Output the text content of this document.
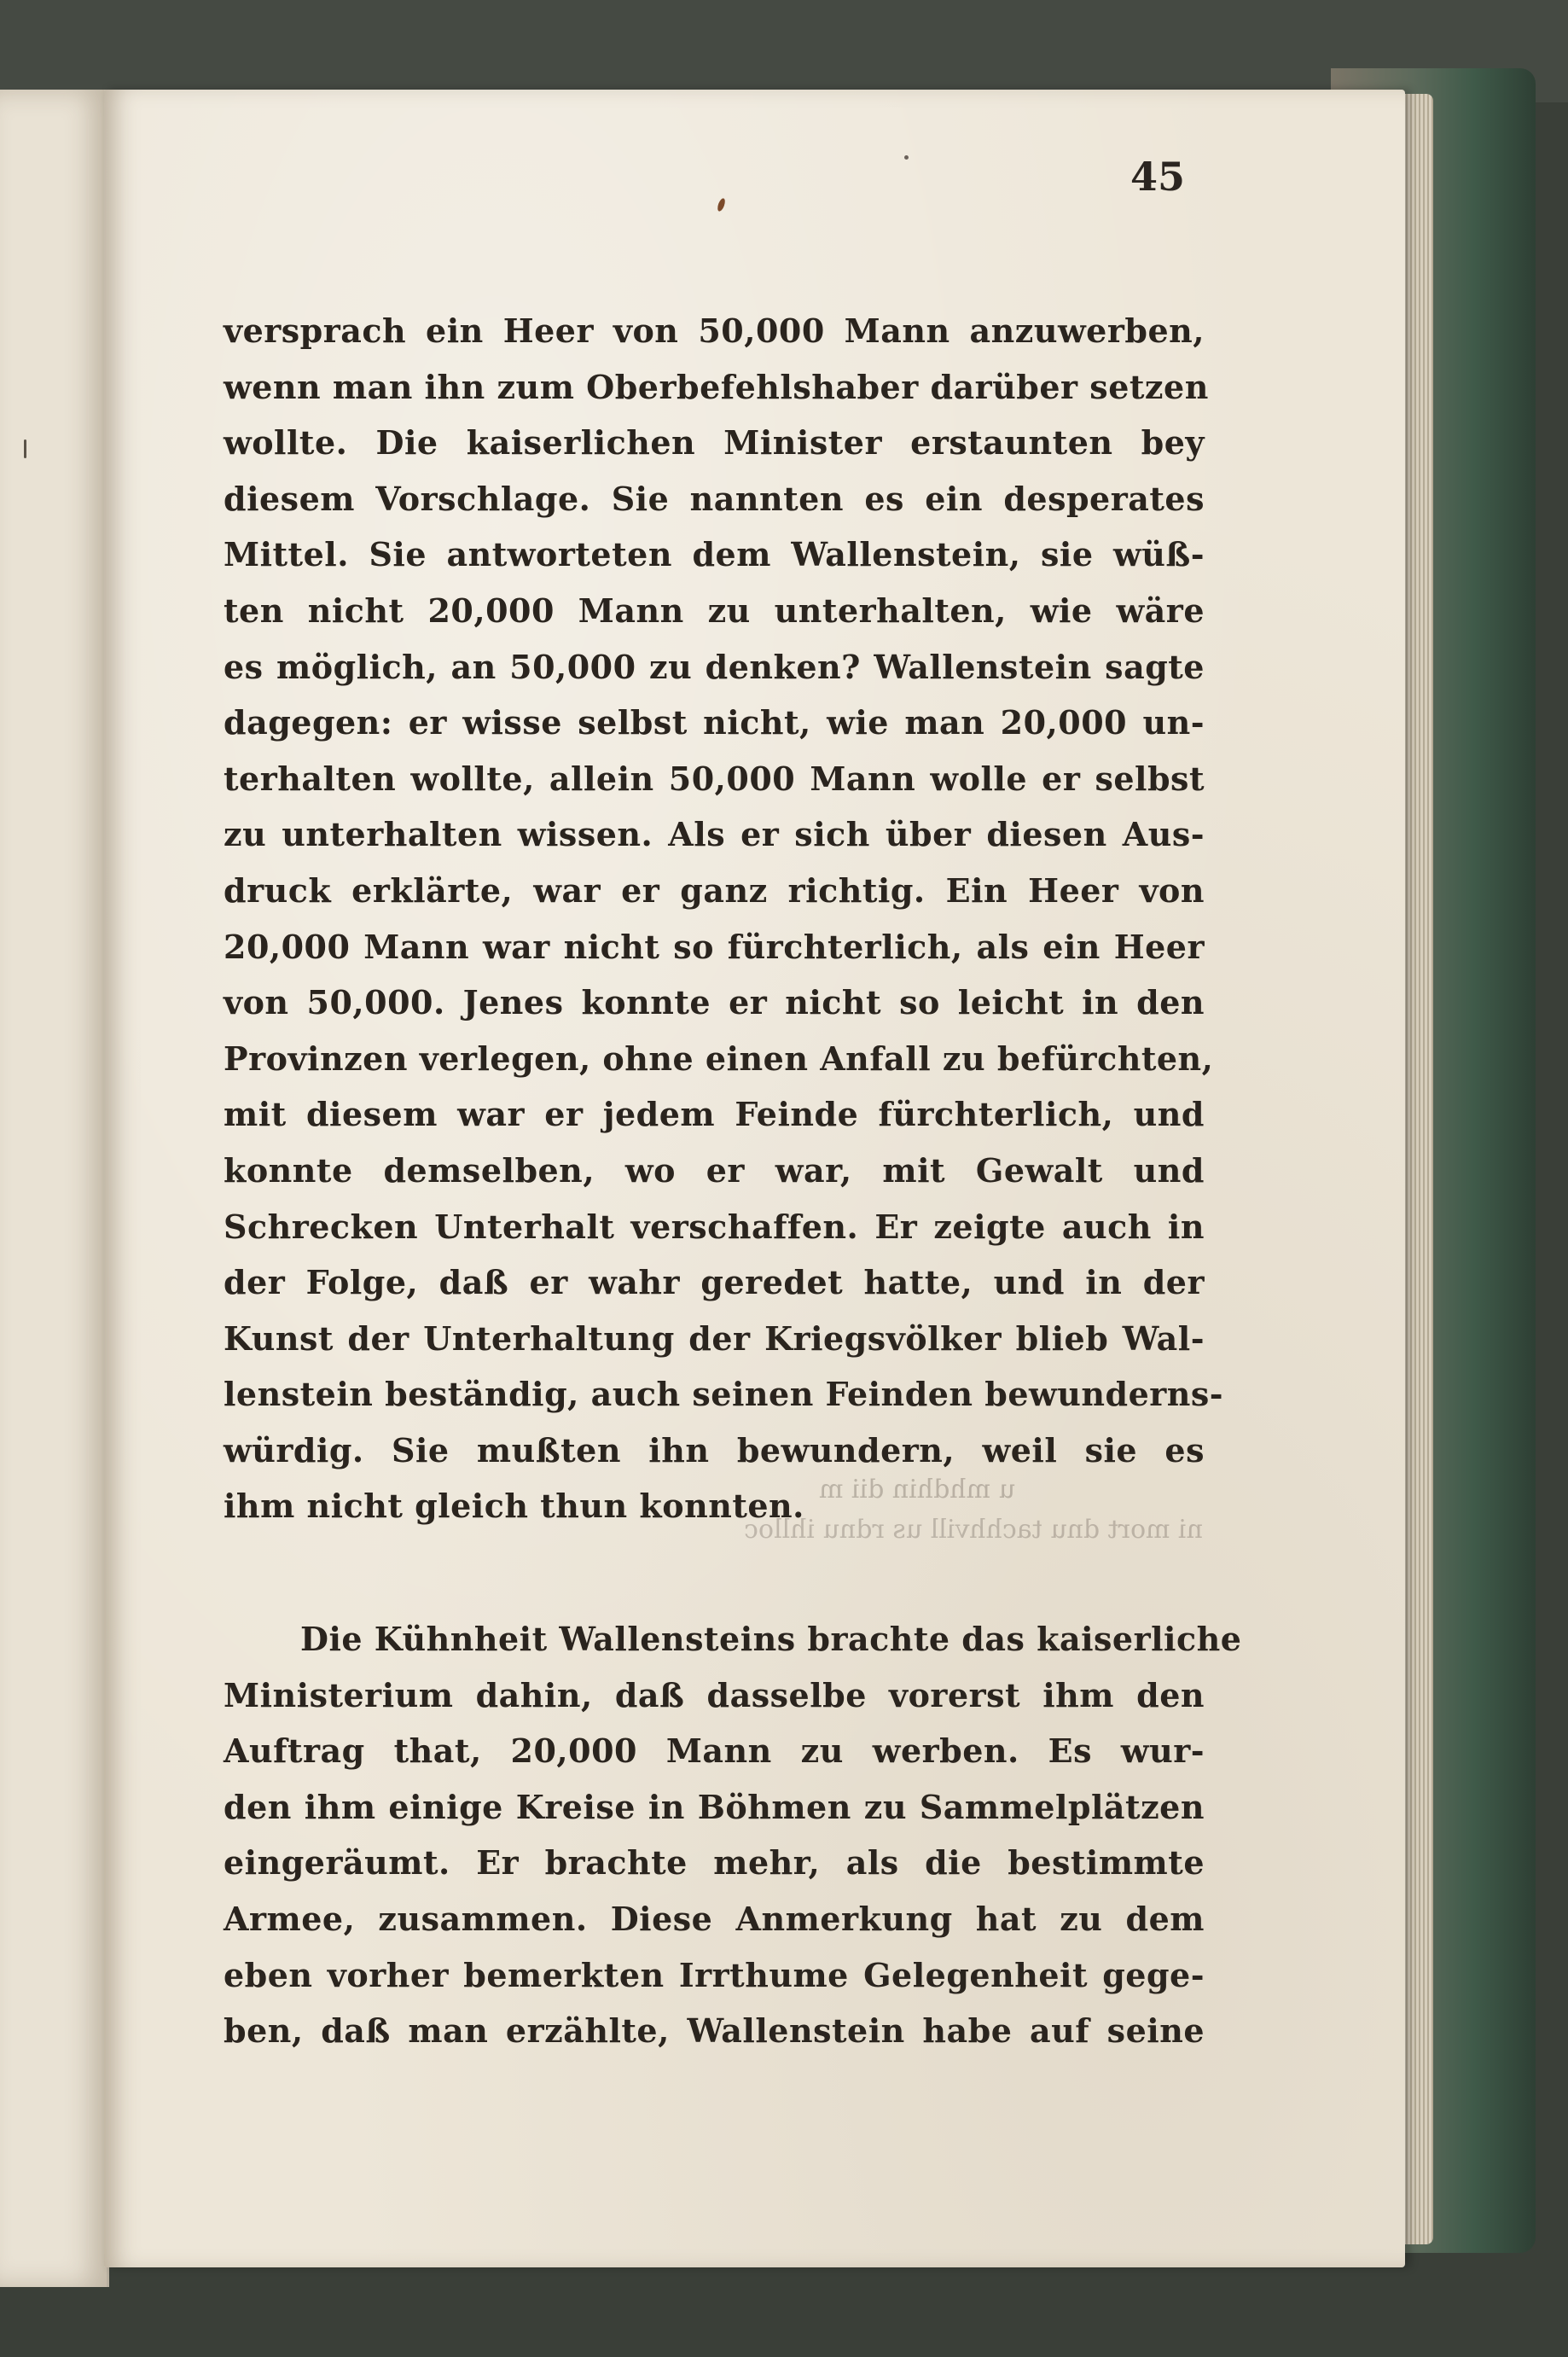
45
ni mort dnu tachhvill us rdnu ihlloc
u mhdhin dii m
versprach ein Heer von 50,000 Mann anzuwerben,
wenn man ihn zum Oberbefehlshaber darüber setzen
wollte. Die kaiserlichen Minister erstaunten bey
diesem Vorschlage. Sie nannten es ein desperates
Mittel. Sie antworteten dem Wallenstein, sie wüß-
ten nicht 20,000 Mann zu unterhalten, wie wäre
es möglich, an 50,000 zu denken? Wallenstein sagte
dagegen: er wisse selbst nicht, wie man 20,000 un-
terhalten wollte, allein 50,000 Mann wolle er selbst
zu unterhalten wissen. Als er sich über diesen Aus-
druck erklärte, war er ganz richtig. Ein Heer von
20,000 Mann war nicht so fürchterlich, als ein Heer
von 50,000. Jenes konnte er nicht so leicht in den
Provinzen verlegen, ohne einen Anfall zu befürchten,
mit diesem war er jedem Feinde fürchterlich, und
konnte demselben, wo er war, mit Gewalt und
Schrecken Unterhalt verschaffen. Er zeigte auch in
der Folge, daß er wahr geredet hatte, und in der
Kunst der Unterhaltung der Kriegsvölker blieb Wal-
lenstein beständig, auch seinen Feinden bewunderns-
würdig. Sie mußten ihn bewundern, weil sie es
ihm nicht gleich thun konnten.
Die Kühnheit Wallensteins brachte das kaiserliche
Ministerium dahin, daß dasselbe vorerst ihm den
Auftrag that, 20,000 Mann zu werben. Es wur-
den ihm einige Kreise in Böhmen zu Sammelplätzen
eingeräumt. Er brachte mehr, als die bestimmte
Armee, zusammen. Diese Anmerkung hat zu dem
eben vorher bemerkten Irrthume Gelegenheit gege-
ben, daß man erzählte, Wallenstein habe auf seine
